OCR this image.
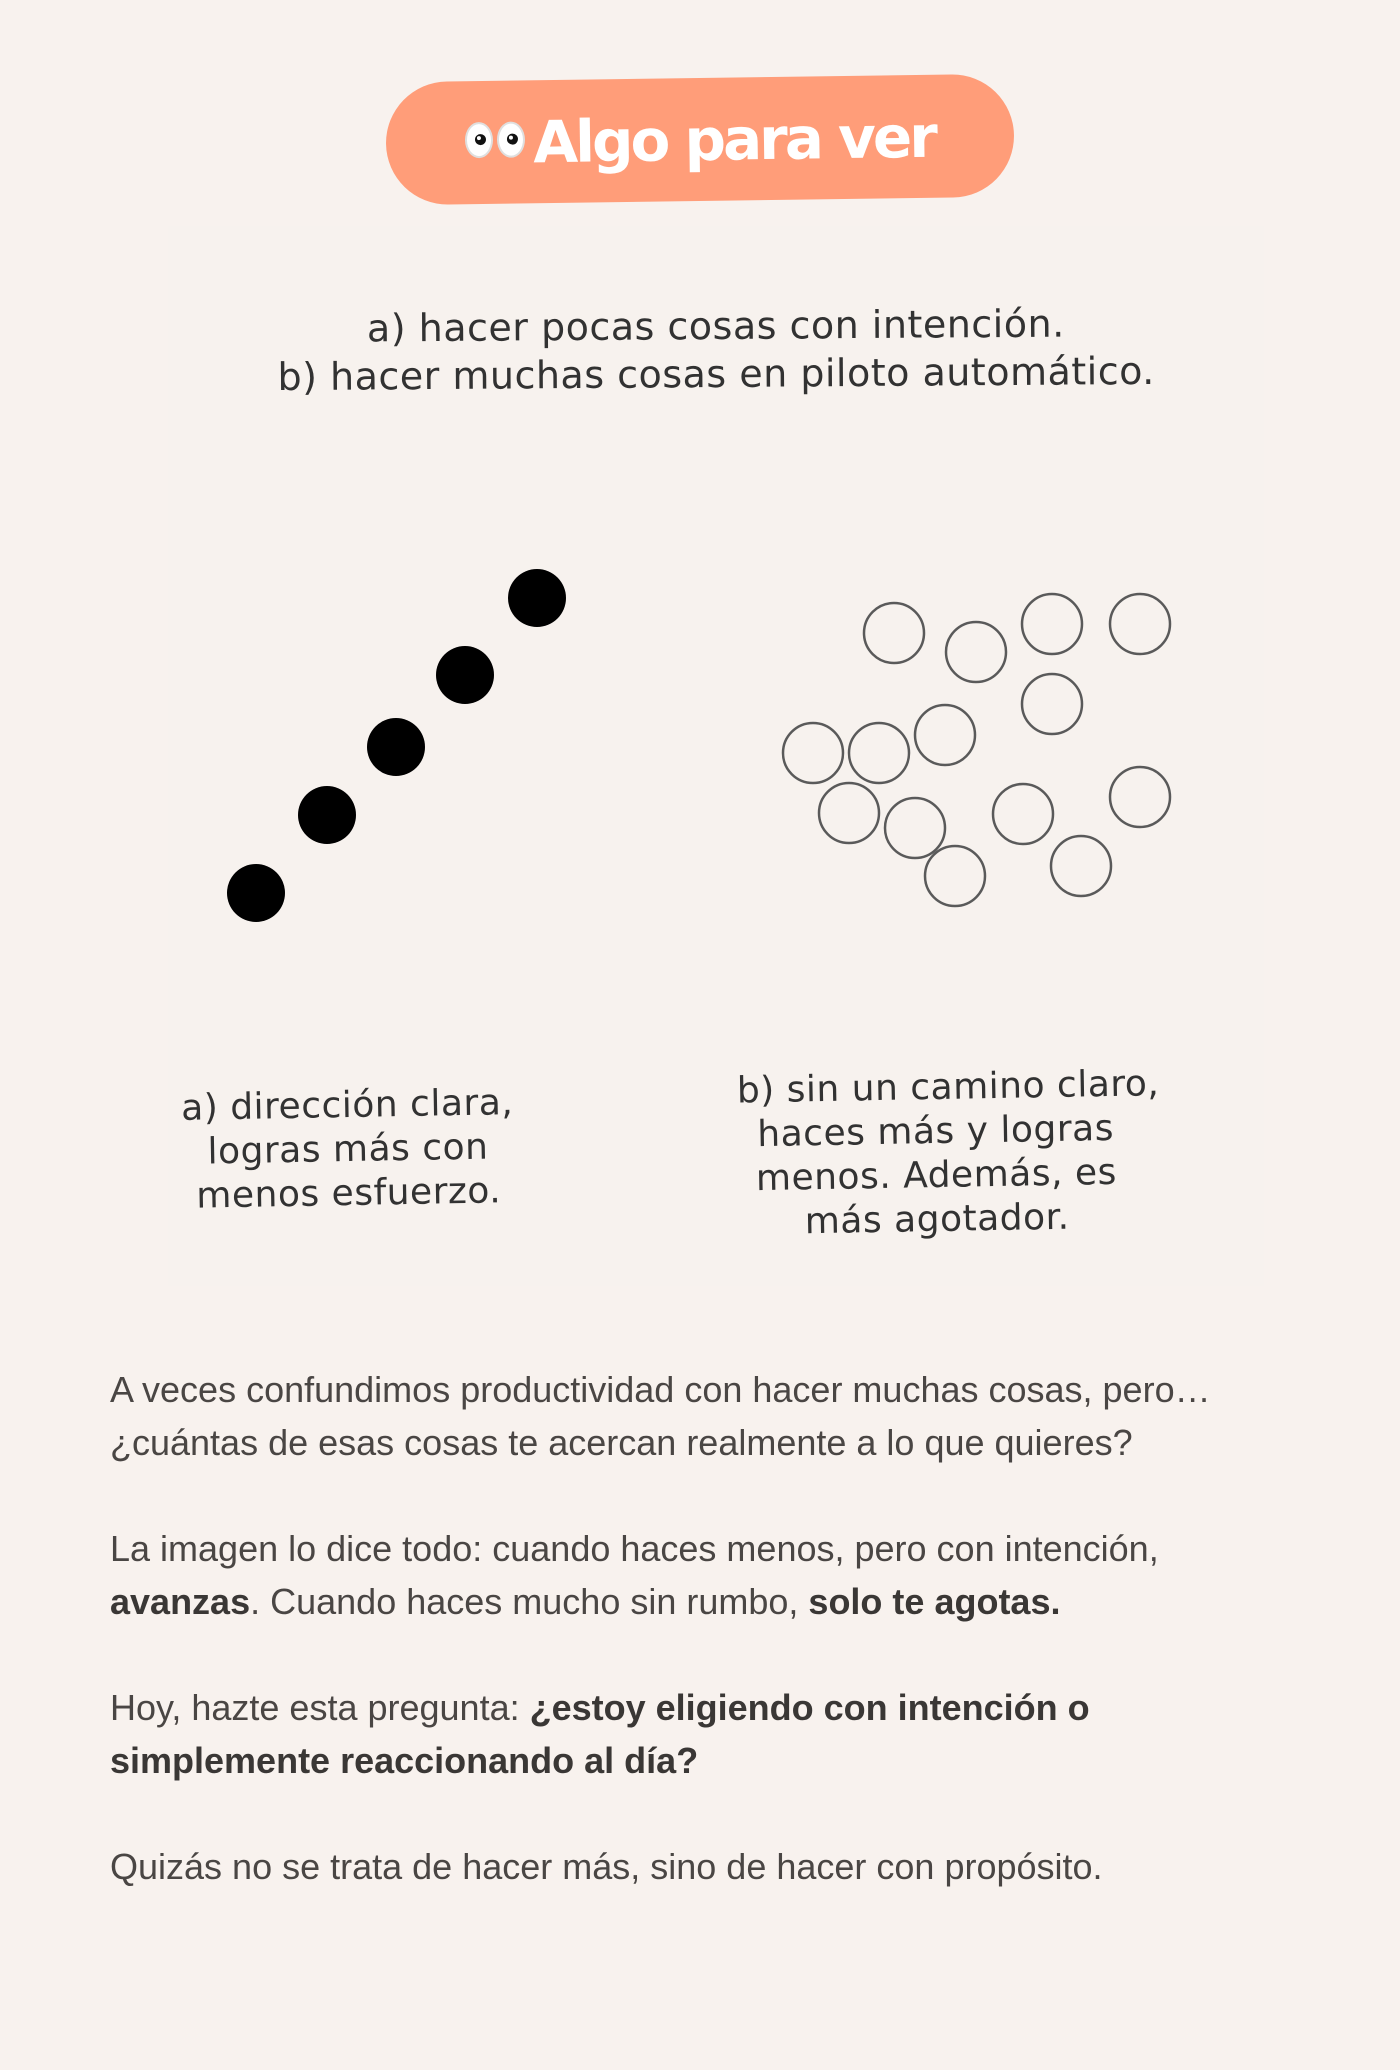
Algo para ver
a) hacer pocas cosas con intención.
b) hacer muchas cosas en piloto automático.
a) dirección clara,
logras más con
menos esfuerzo.
b) sin un camino claro,
haces más y logras
menos. Además, es
más agotador.

A veces confundimos productividad con hacer muchas cosas, pero… ¿cuántas de esas cosas te acercan realmente a lo que quieres?

La imagen lo dice todo: cuando haces menos, pero con intención, avanzas. Cuando haces mucho sin rumbo, solo te agotas.

Hoy, hazte esta pregunta: ¿estoy eligiendo con intención o simplemente reaccionando al día?

Quizás no se trata de hacer más, sino de hacer con propósito.
